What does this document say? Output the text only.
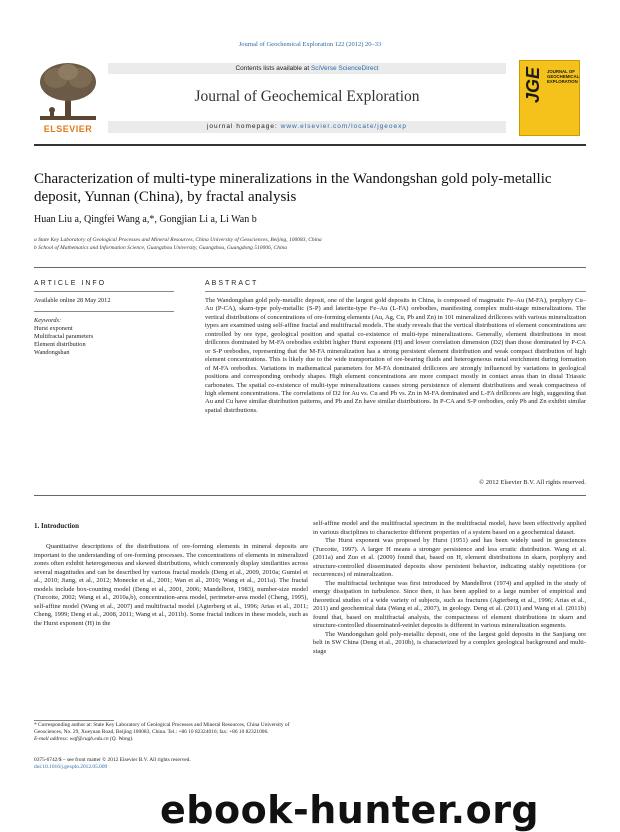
Journal of Geochemical Exploration 122 (2012) 20–33
ELSEVIER
Contents lists available at SciVerse ScienceDirect
Journal of Geochemical Exploration
journal homepage: www.elsevier.com/locate/jgeoexp
JGE JOURNAL OF GEOCHEMICAL EXPLORATION
Characterization of multi-type mineralizations in the Wandongshan gold poly-metallic deposit, Yunnan (China), by fractal analysis
Huan Liu a, Qingfei Wang a,*, Gongjian Li a, Li Wan b
a State Key Laboratory of Geological Processes and Mineral Resources, China University of Geosciences, Beijing, 100083, China
b School of Mathematics and Information Science, Guangzhou University, Guangzhou, Guangdong 510006, China
ARTICLE INFO
Available online 28 May 2012
Keywords:
Hurst exponent
Multifractal parameters
Element distribution
Wandongshan
ABSTRACT
The Wandongshan gold poly-metallic deposit, one of the largest gold deposits in China, is composed of magmatic Fe–Au (M-FA), porphyry Cu–Au (P-CA), skarn-type poly-metallic (S-P) and laterite-type Fe–Au (L-FA) orebodies, manifesting complex multi-stage mineralizations. The vertical distributions of concentrations of ore-forming elements (Au, Ag, Cu, Pb and Zn) in 101 mineralized drillcores with various mineralization types are examined using self-affine fractal and multifractal models. The study reveals that the vertical distributions of element concentrations are controlled by ore type, geological position and spatial co-existence of multi-type mineralizations. Generally, element distributions in most drillcores dominated by M-FA orebodies exhibit higher Hurst exponent (H) and lower correlation dimension (D2) than those dominated by P-CA or S-P orebodies, representing that the M-FA mineralization has a strong persistent element distribution and weak compact distribution of high element concentrations. This is likely due to the wide transportation of ore-bearing fluids and heterogeneous metal enrichment during formation of M-FA orebodies. Variations in mathematical parameters for M-FA dominated drillcores are strongly influenced by variations in geological positions and corresponding orebody shapes. High element concentrations are more compact mostly in contact areas than in distal Triassic carbonates. The spatial co-existence of multi-type mineralizations causes strong persistence of element distributions and weak compactness of high element concentrations. The correlations of D2 for Au vs. Cu and Pb vs. Zn in M-FA dominated and L-FA drillcores are high, suggesting that Au and Cu have similar distribution patterns, and Pb and Zn have similar distributions. In P-CA and S-P orebodies, only Pb and Zn exhibit similar spatial distributions.
© 2012 Elsevier B.V. All rights reserved.
1. Introduction

Quantitative descriptions of the distributions of ore-forming elements in mineral deposits are important to the understanding of ore-forming processes. The concentrations of elements in mineralized zones often exhibit heterogeneous and skewed distributions, which commonly display similarities across several magnitudes and can be described by various fractal models (Deng et al., 2009, 2010a; Gumiel et al., 2010; Jiang, et al., 2012; Monecke et al., 2001; Wan et al., 2010; Wang et al., 2011a). The fractal models include box-counting model (Deng et al., 2001, 2006; Mandelbrot, 1983), number-size model (Turcotte, 2002; Wang et al., 2010a,b), concentration-area model, perimeter-area model (Cheng, 1995), self-affine model (Wang et al., 2007) and multifractal model (Agterberg et al., 1996; Arias et al., 2011; Cheng, 1999; Deng et al., 2008, 2011; Wang et al., 2011b). Some fractal indices in these models, such as the Hurst exponent (H) in the

self-affine model and the multifractal spectrum in the multifractal model, have been effectively applied in various disciplines to characterize different properties of a system based on a geochemical dataset.

The Hurst exponent was proposed by Hurst (1951) and has been widely used in geosciences (Turcotte, 1997). A larger H means a stronger persistence and less erratic distribution. Wang et al. (2011a) and Zuo et al. (2009) found that, based on H, element distributions in skarn, porphyry and structure-controlled disseminated deposits show persistent behavior, indicating stably repetitions (or recurrences) of mineralization.

The multifractal technique was first introduced by Mandelbrot (1974) and applied in the study of energy dissipation in turbulence. Since then, it has been applied to a large number of empirical and theoretical studies of a wide variety of subjects, such as fractures (Agterberg et al., 1996; Arias et al., 2011) and geochemical data (Wang et al., 2007), in geology. Deng et al. (2011) and Wang et al. (2011b) found that, based on multifractal analysis, the compactness of element distributions in skarn and structure-controlled disseminated-veinlet deposits is different in various mineralization segments.

The Wandongshan gold poly-metallic deposit, one of the largest gold deposits in the Sanjiang ore belt in SW China (Deng et al., 2010b), is characterized by a complex geological background and multi-stage

* Corresponding author at: State Key Laboratory of Geological Processes and Mineral Resources, China University of Geosciences, No. 29, Xueyuan Road, Beijing 100083, China. Tel.: +86 10 82324016; fax: +86 10 82321006.
E-mail address: wqf@cugb.edu.cn (Q. Wang).
0375-6742/$ – see front matter © 2012 Elsevier B.V. All rights reserved.
doi:10.1016/j.gexplo.2012.05.009
ebook-hunter.org
